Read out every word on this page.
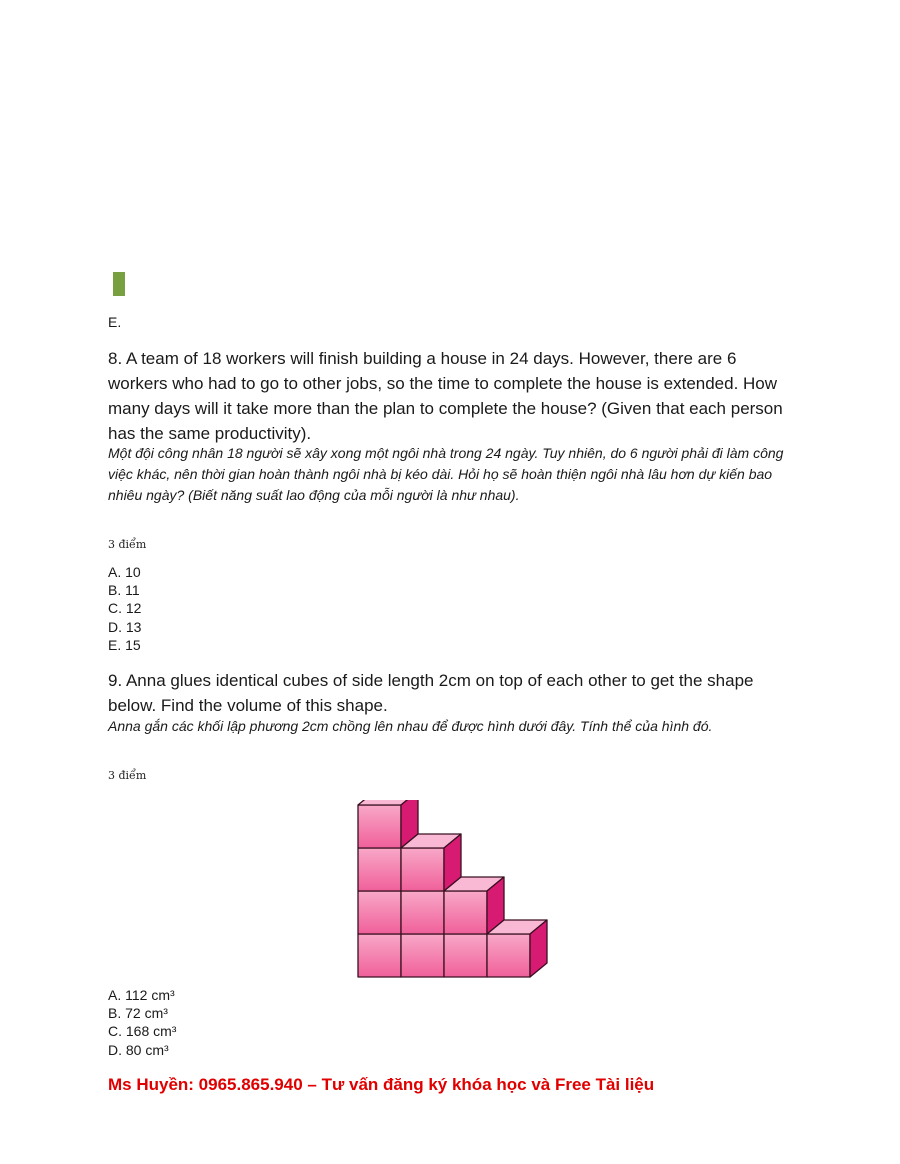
E.
8. A team of 18 workers will finish building a house in 24 days. However, there are 6 workers who had to go to other jobs, so the time to complete the house is extended. How many days will it take more than the plan to complete the house? (Given that each person has the same productivity).
Một đội công nhân 18 người sẽ xây xong một ngôi nhà trong 24 ngày. Tuy nhiên, do 6 người phải đi làm công việc khác, nên thời gian hoàn thành ngôi nhà bị kéo dài. Hỏi họ sẽ hoàn thiện ngôi nhà lâu hơn dự kiến bao nhiêu ngày? (Biết năng suất lao động của mỗi người là như nhau).
3 điểm
A. 10
B. 11
C. 12
D. 13
E. 15
9. Anna glues identical cubes of side length 2cm on top of each other to get the shape below. Find the volume of this shape.
Anna gắn các khối lập phương 2cm chồng lên nhau để được hình dưới đây. Tính thể của hình đó.
3 điểm
A. 112 cm³
B. 72 cm³
C. 168 cm³
D. 80 cm³
Ms Huyền: 0965.865.940 – Tư vấn đăng ký khóa học và Free Tài liệu
